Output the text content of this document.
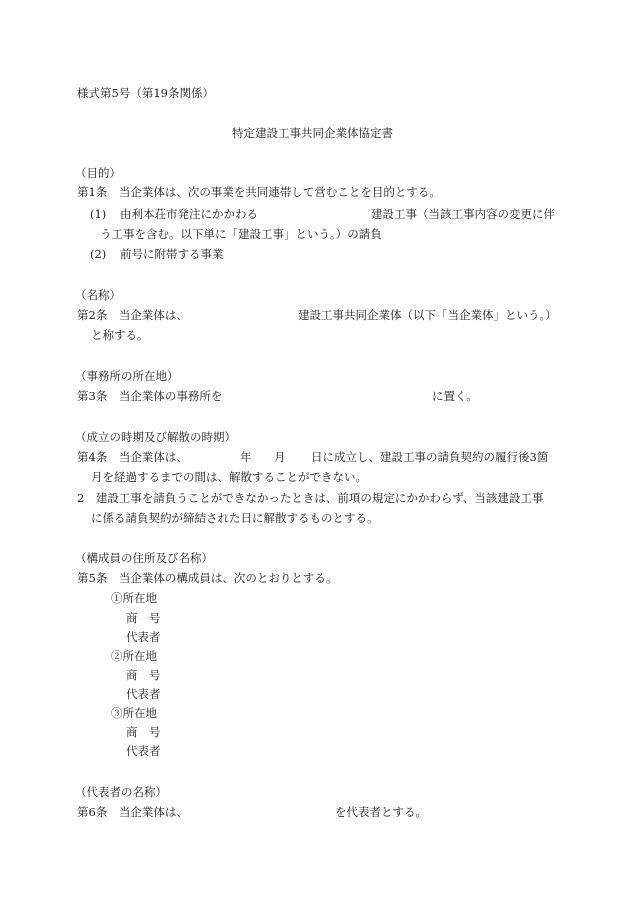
様式第5号（第19条関係）
特定建設工事共同企業体協定書
（目的）
第1条　当企業体は、次の事業を共同連帯して営むことを目的とする。
(1) 由利本荘市発注にかかわる	建設工事（当該工事内容の変更に伴
う工事を含む。以下単に「建設工事」という。）の請負
(2) 前号に附帯する事業
（名称）
第2条　当企業体は、	建設工事共同企業体（以下「当企業体」という。）
と称する。
（事務所の所在地）
第3条　当企業体の事務所を	に置く。
（成立の時期及び解散の時期）
第4条　当企業体は、	年 月 日に成立し、建設工事の請負契約の履行後3箇
月を経過するまでの間は、解散することができない。
2　建設工事を請負うことができなかったときは、前項の規定にかかわらず、当該建設工事
に係る請負契約が締結された日に解散するものとする。
（構成員の住所及び名称）
第5条　当企業体の構成員は、次のとおりとする。
①所在地
商　号
代表者
②所在地
商　号
代表者
③所在地
商　号
代表者
（代表者の名称）
第6条　当企業体は、	を代表者とする。
